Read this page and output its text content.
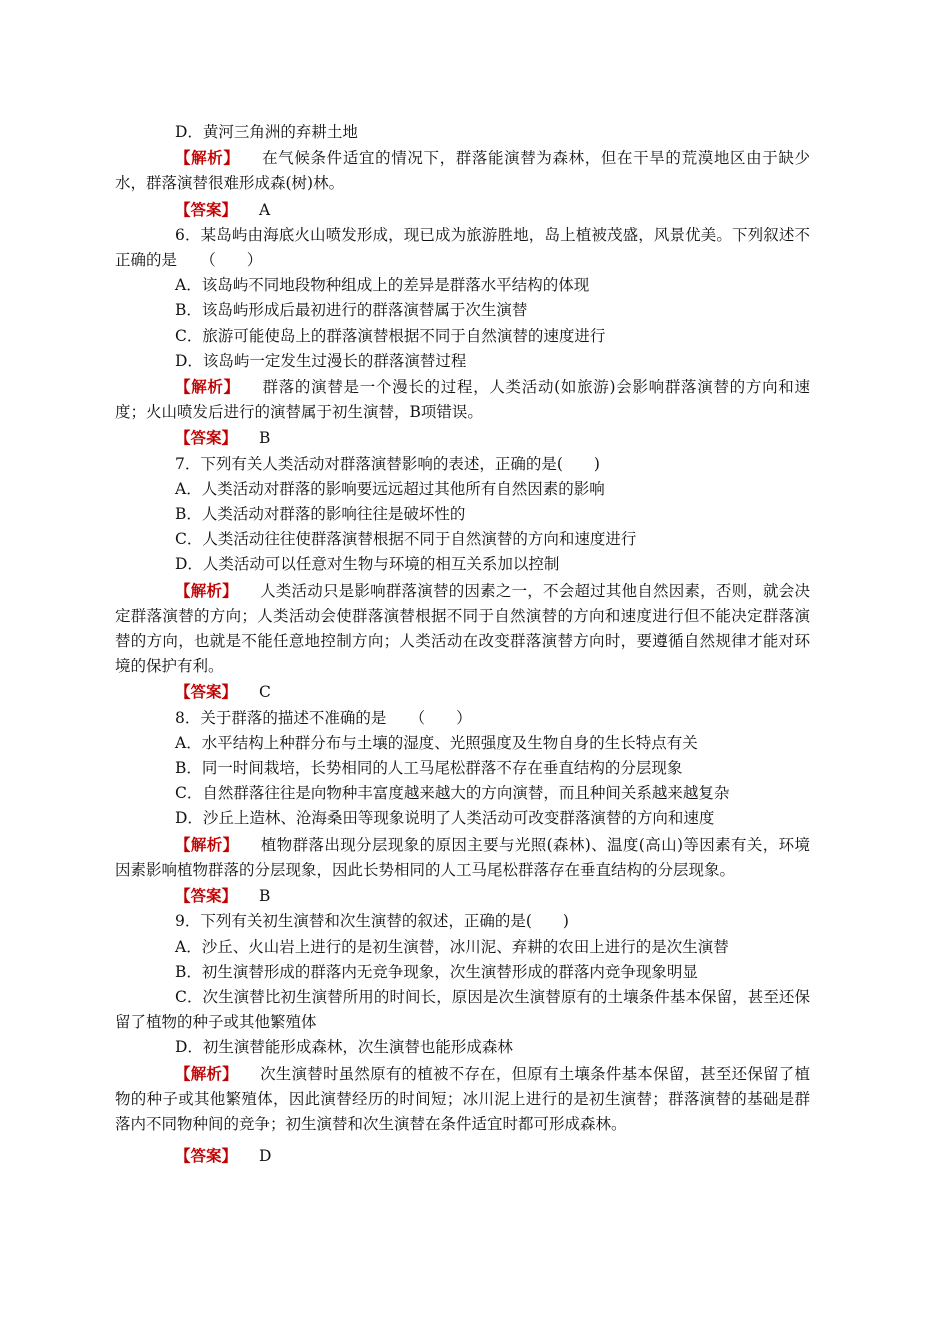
D．黄河三角洲的弃耕土地
【解析】 在气候条件适宜的情况下，群落能演替为森林，但在干旱的荒漠地区由于缺少水，群落演替很难形成森(树)林。
【答案】 A
6．某岛屿由海底火山喷发形成，现已成为旅游胜地，岛上植被茂盛，风景优美。下列叙述不正确的是　　（　　）
A．该岛屿不同地段物种组成上的差异是群落水平结构的体现
B．该岛屿形成后最初进行的群落演替属于次生演替
C．旅游可能使岛上的群落演替根据不同于自然演替的速度进行
D．该岛屿一定发生过漫长的群落演替过程
【解析】 群落的演替是一个漫长的过程，人类活动(如旅游)会影响群落演替的方向和速度；火山喷发后进行的演替属于初生演替，B项错误。
【答案】 B
7．下列有关人类活动对群落演替影响的表述，正确的是(　　)
A．人类活动对群落的影响要远远超过其他所有自然因素的影响
B．人类活动对群落的影响往往是破坏性的
C．人类活动往往使群落演替根据不同于自然演替的方向和速度进行
D．人类活动可以任意对生物与环境的相互关系加以控制
【解析】 人类活动只是影响群落演替的因素之一，不会超过其他自然因素，否则，就会决定群落演替的方向；人类活动会使群落演替根据不同于自然演替的方向和速度进行但不能决定群落演替的方向，也就是不能任意地控制方向；人类活动在改变群落演替方向时，要遵循自然规律才能对环境的保护有利。
【答案】 C
8．关于群落的描述不准确的是　　（　　）
A．水平结构上种群分布与土壤的湿度、光照强度及生物自身的生长特点有关
B．同一时间栽培，长势相同的人工马尾松群落不存在垂直结构的分层现象
C．自然群落往往是向物种丰富度越来越大的方向演替，而且种间关系越来越复杂
D．沙丘上造林、沧海桑田等现象说明了人类活动可改变群落演替的方向和速度
【解析】 植物群落出现分层现象的原因主要与光照(森林)、温度(高山)等因素有关，环境因素影响植物群落的分层现象，因此长势相同的人工马尾松群落存在垂直结构的分层现象。
【答案】 B
9．下列有关初生演替和次生演替的叙述，正确的是(　　)
A．沙丘、火山岩上进行的是初生演替，冰川泥、弃耕的农田上进行的是次生演替
B．初生演替形成的群落内无竞争现象，次生演替形成的群落内竞争现象明显
C．次生演替比初生演替所用的时间长，原因是次生演替原有的土壤条件基本保留，甚至还保留了植物的种子或其他繁殖体
D．初生演替能形成森林，次生演替也能形成森林
【解析】 次生演替时虽然原有的植被不存在，但原有土壤条件基本保留，甚至还保留了植物的种子或其他繁殖体，因此演替经历的时间短；冰川泥上进行的是初生演替；群落演替的基础是群落内不同物种间的竞争；初生演替和次生演替在条件适宜时都可形成森林。
【答案】 D
